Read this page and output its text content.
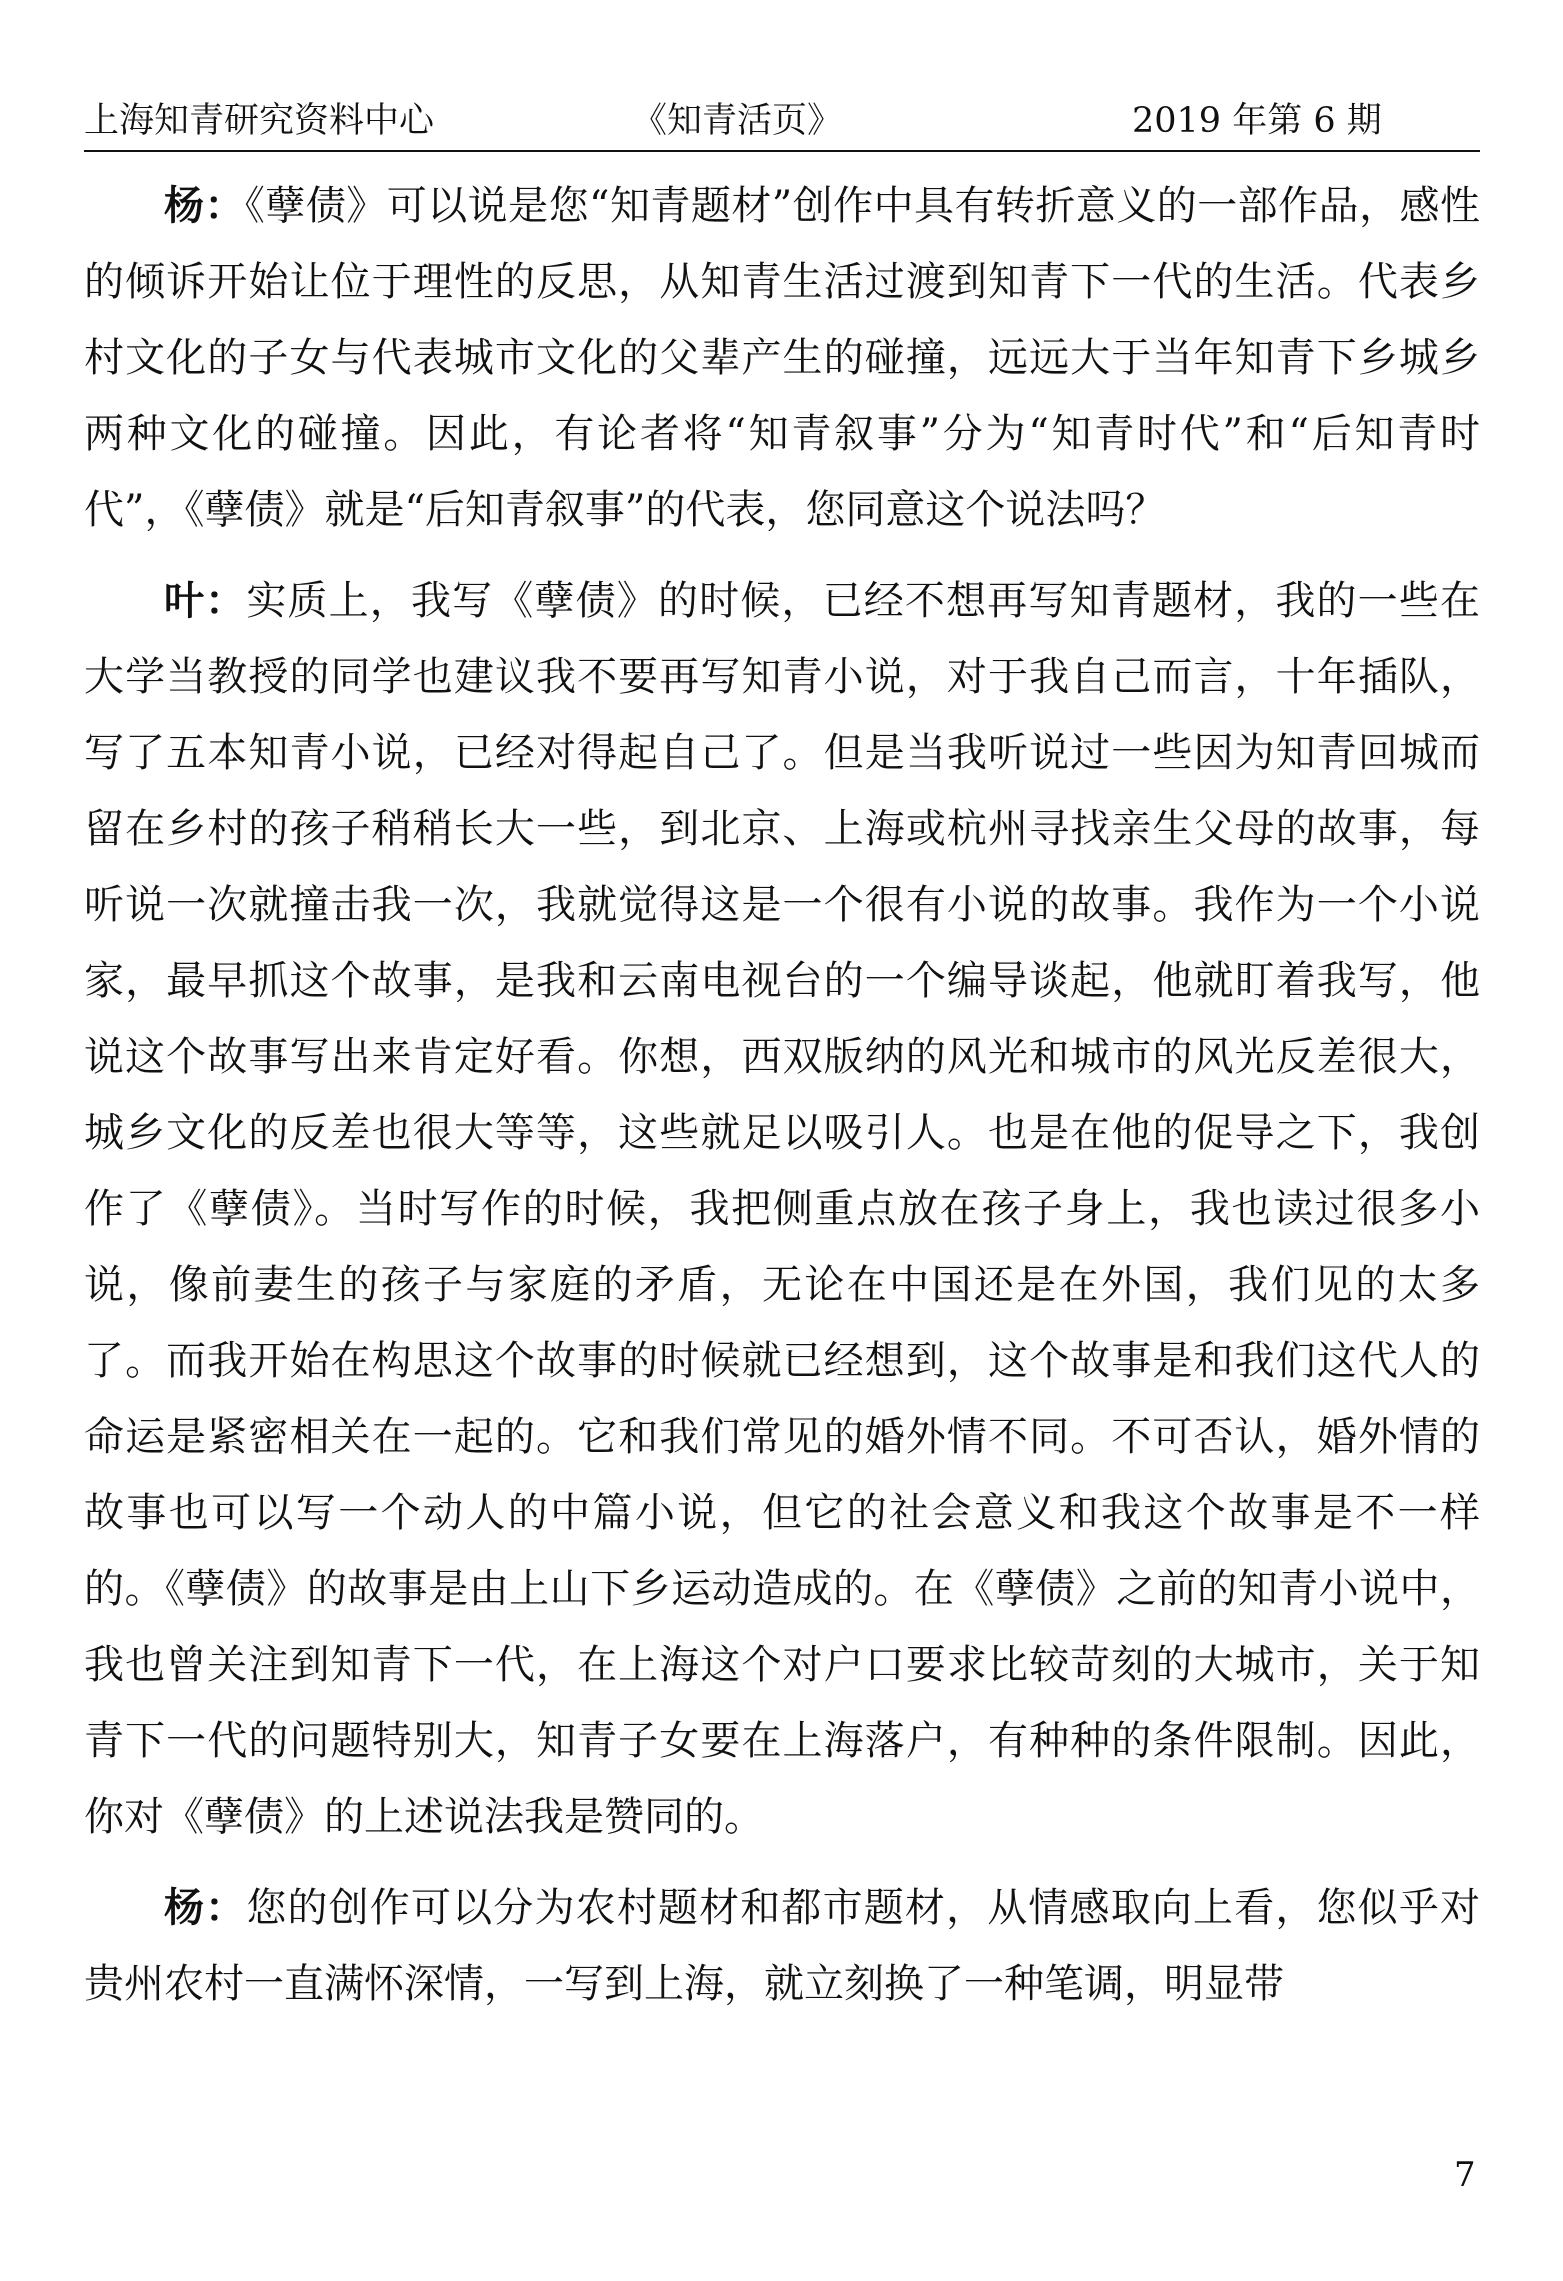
上海知青研究资料中心	《知青活页》	2019 年第 6 期

杨：《孽债》可以说是您“知青题材”创作中具有转折意义的一部作品，感性的倾诉开始让位于理性的反思，从知青生活过渡到知青下一代的生活。代表乡村文化的子女与代表城市文化的父辈产生的碰撞，远远大于当年知青下乡城乡两种文化的碰撞。因此，有论者将“知青叙事”分为“知青时代”和“后知青时代”，《孽债》就是“后知青叙事”的代表，您同意这个说法吗？

叶：实质上，我写《孽债》的时候，已经不想再写知青题材，我的一些在大学当教授的同学也建议我不要再写知青小说，对于我自己而言，十年插队，写了五本知青小说，已经对得起自己了。但是当我听说过一些因为知青回城而留在乡村的孩子稍稍长大一些，到北京、上海或杭州寻找亲生父母的故事，每听说一次就撞击我一次，我就觉得这是一个很有小说的故事。我作为一个小说家，最早抓这个故事，是我和云南电视台的一个编导谈起，他就盯着我写，他说这个故事写出来肯定好看。你想，西双版纳的风光和城市的风光反差很大，城乡文化的反差也很大等等，这些就足以吸引人。也是在他的促导之下，我创作了《孽债》。当时写作的时候，我把侧重点放在孩子身上，我也读过很多小说，像前妻生的孩子与家庭的矛盾，无论在中国还是在外国，我们见的太多了。而我开始在构思这个故事的时候就已经想到，这个故事是和我们这代人的命运是紧密相关在一起的。它和我们常见的婚外情不同。不可否认，婚外情的故事也可以写一个动人的中篇小说，但它的社会意义和我这个故事是不一样的。《孽债》的故事是由上山下乡运动造成的。在《孽债》之前的知青小说中，我也曾关注到知青下一代，在上海这个对户口要求比较苛刻的大城市，关于知青下一代的问题特别大，知青子女要在上海落户，有种种的条件限制。因此，你对《孽债》的上述说法我是赞同的。

杨：您的创作可以分为农村题材和都市题材，从情感取向上看，您似乎对贵州农村一直满怀深情，一写到上海，就立刻换了一种笔调，明显带

7
